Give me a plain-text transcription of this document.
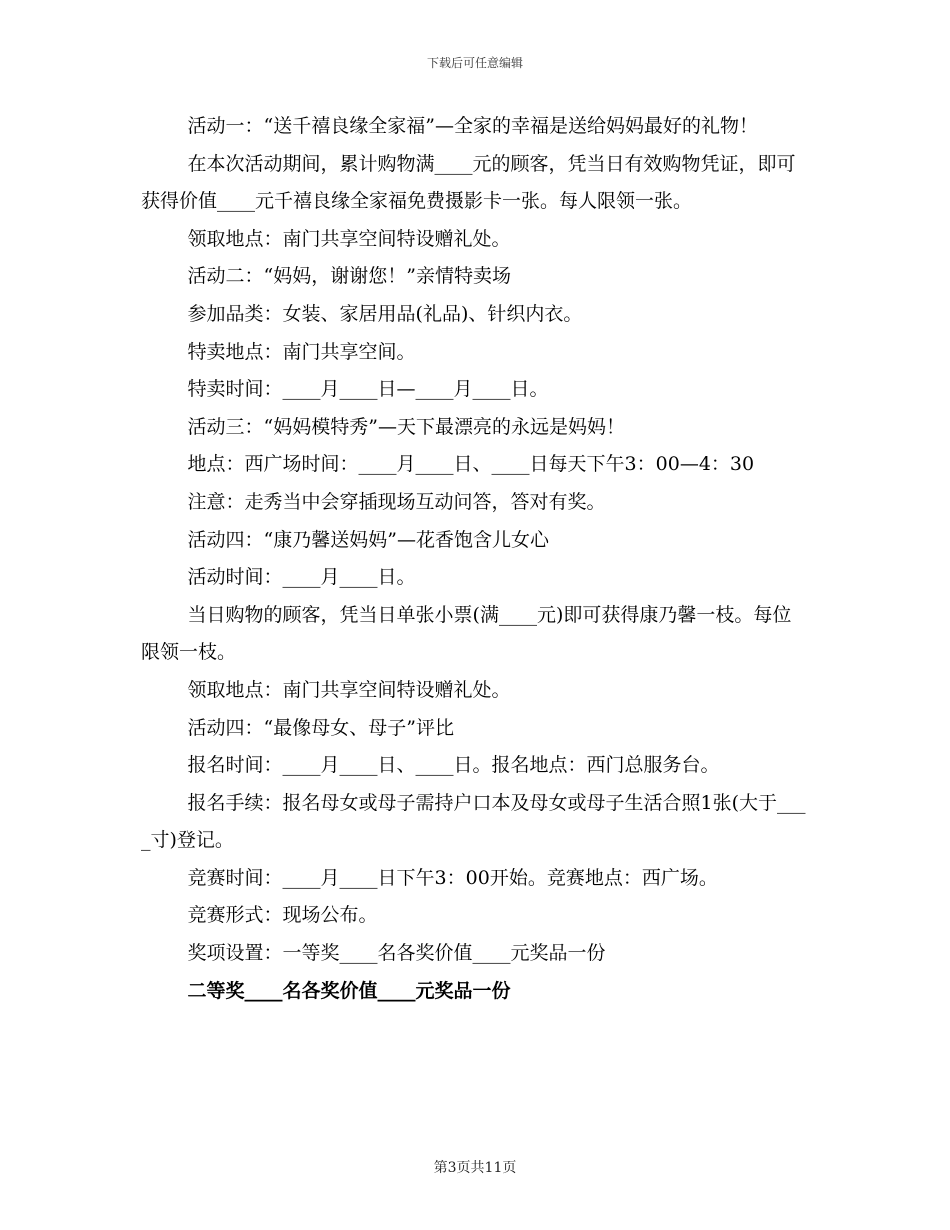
下载后可任意编辑

活动一：“送千禧良缘全家福”—全家的幸福是送给妈妈最好的礼物！

在本次活动期间，累计购物满____元的顾客，凭当日有效购物凭证，即可获得价值____元千禧良缘全家福免费摄影卡一张。每人限领一张。

领取地点：南门共享空间特设赠礼处。

活动二：“妈妈，谢谢您！”亲情特卖场

参加品类：女装、家居用品(礼品)、针织内衣。

特卖地点：南门共享空间。

特卖时间：____月____日—____月____日。

活动三：“妈妈模特秀”—天下最漂亮的永远是妈妈！

地点：西广场时间：____月____日、____日每天下午3：00—4：30

注意：走秀当中会穿插现场互动问答，答对有奖。

活动四：“康乃馨送妈妈”—花香饱含儿女心

活动时间：____月____日。

当日购物的顾客，凭当日单张小票(满____元)即可获得康乃馨一枝。每位限领一枝。

领取地点：南门共享空间特设赠礼处。

活动四：“最像母女、母子”评比

报名时间：____月____日、____日。报名地点：西门总服务台。

报名手续：报名母女或母子需持户口本及母女或母子生活合照1张(大于____寸)登记。

竞赛时间：____月____日下午3：00开始。竞赛地点：西广场。

竞赛形式：现场公布。

奖项设置：一等奖____名各奖价值____元奖品一份

二等奖____名各奖价值____元奖品一份

第3页共11页
